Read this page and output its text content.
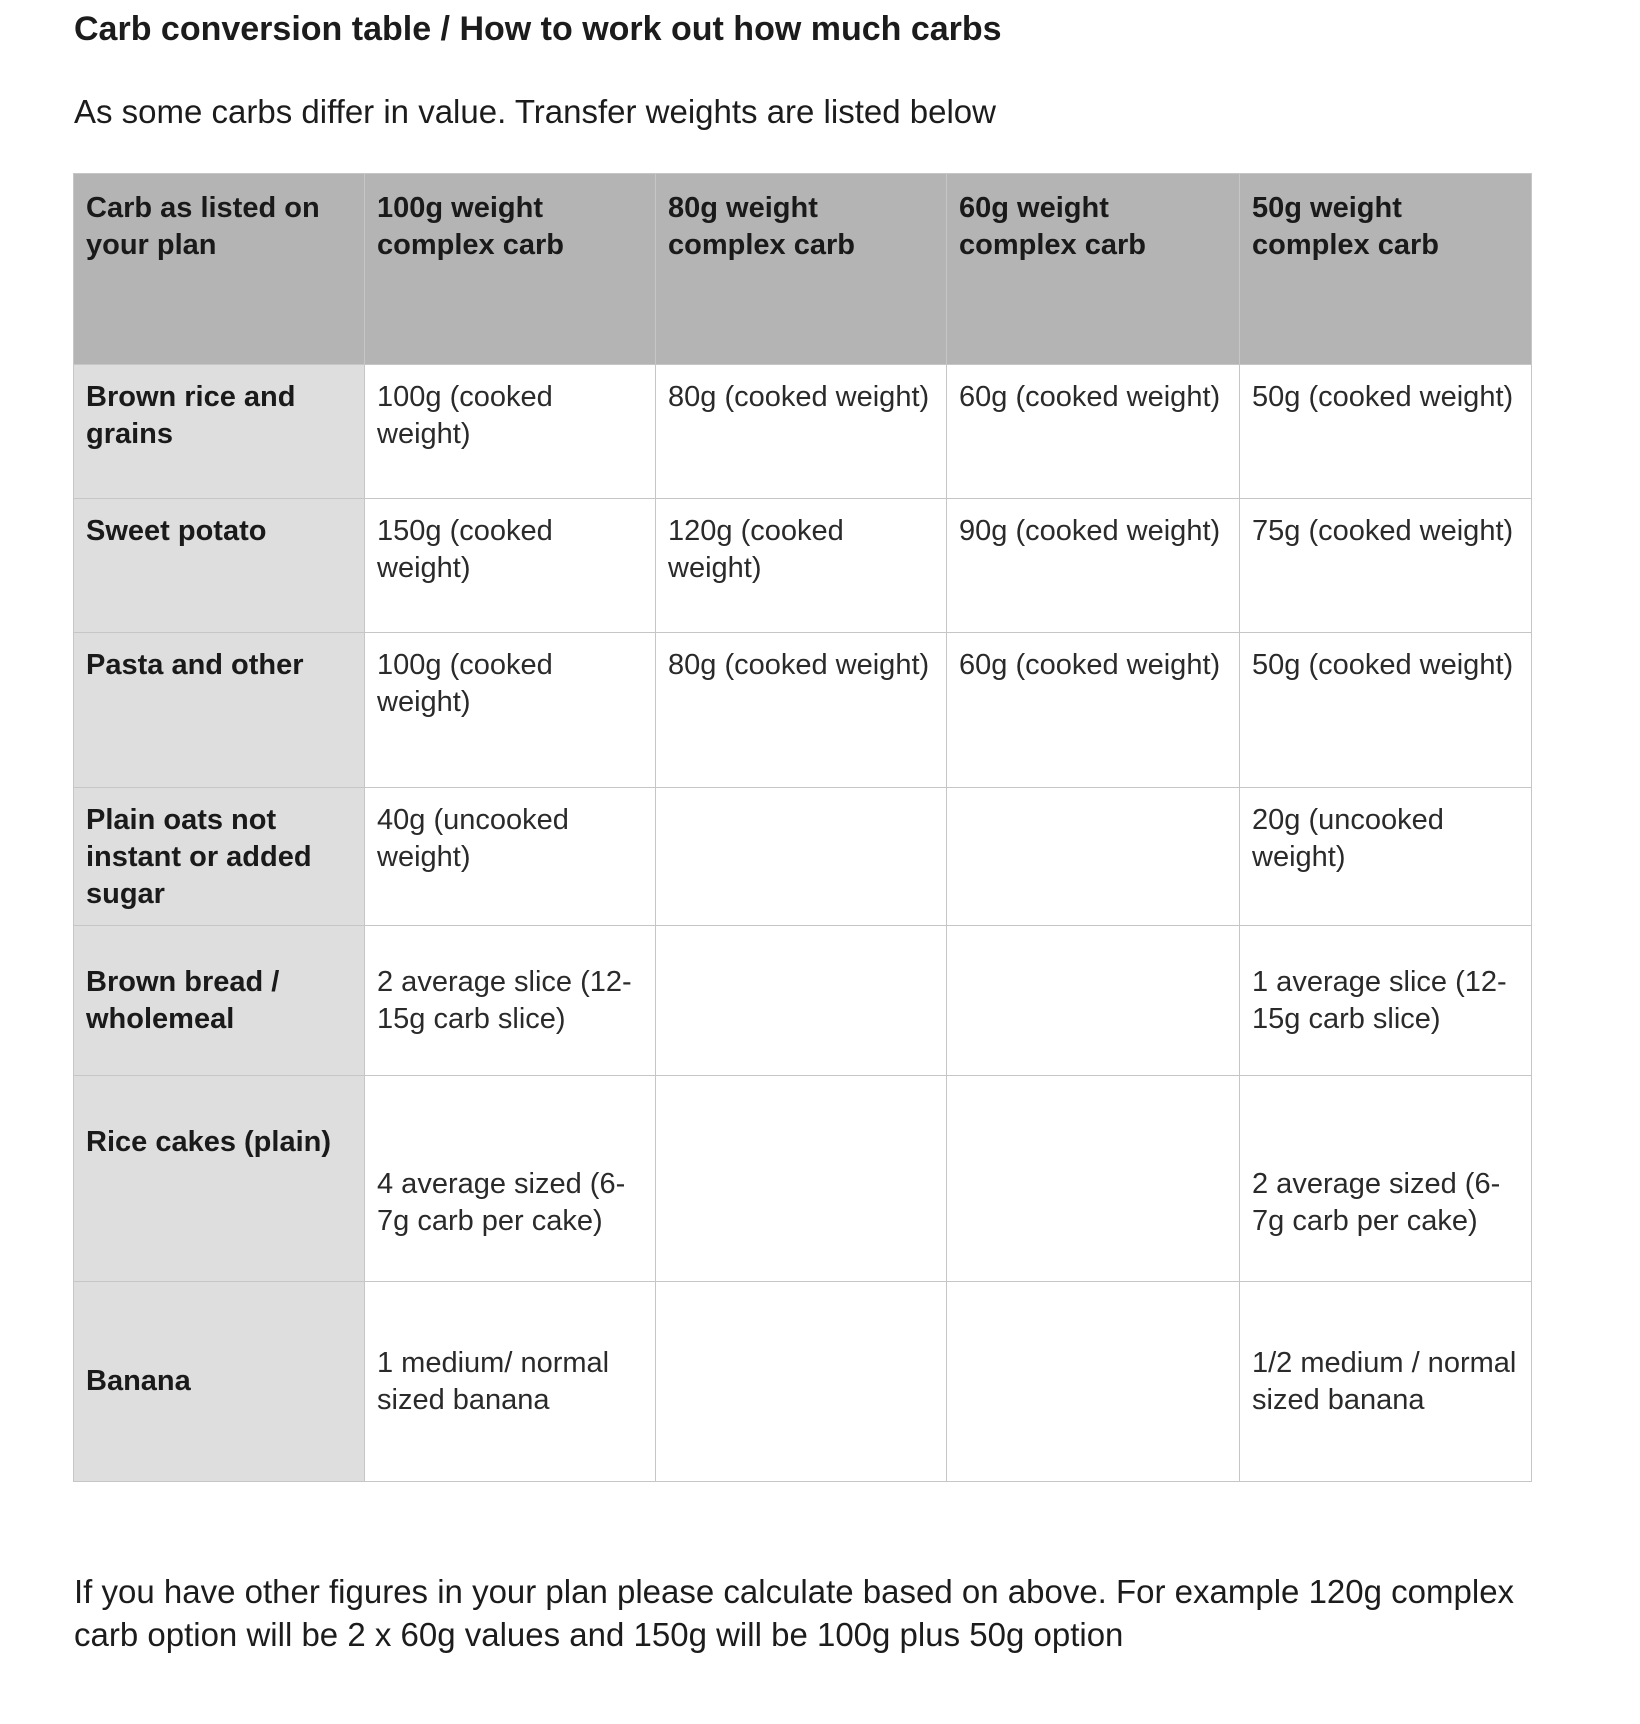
Carb conversion table / How to work out how much carbs
As some carbs differ in value. Transfer weights are listed below
Carb as listed on your plan	100g weight complex carb	80g weight complex carb	60g weight complex carb	50g weight complex carb
Brown rice and grains	100g (cooked weight)	80g (cooked weight)	60g (cooked weight)	50g (cooked weight)
Sweet potato	150g (cooked weight)	120g (cooked weight)	90g (cooked weight)	75g (cooked weight)
Pasta and other	100g (cooked weight)	80g (cooked weight)	60g (cooked weight)	50g (cooked weight)
Plain oats not instant or added sugar	40g (uncooked weight)			20g (uncooked weight)
Brown bread / wholemeal	2 average slice (12-15g carb slice)			1 average slice (12-15g carb slice)
Rice cakes (plain)	4 average sized (6-7g carb per cake)			2 average sized (6-7g carb per cake)
Banana	1 medium/ normal sized banana			1/2 medium / normal sized banana
If you have other figures in your plan please calculate based on above. For example 120g complex carb option will be 2 x 60g values and 150g will be 100g plus 50g option
